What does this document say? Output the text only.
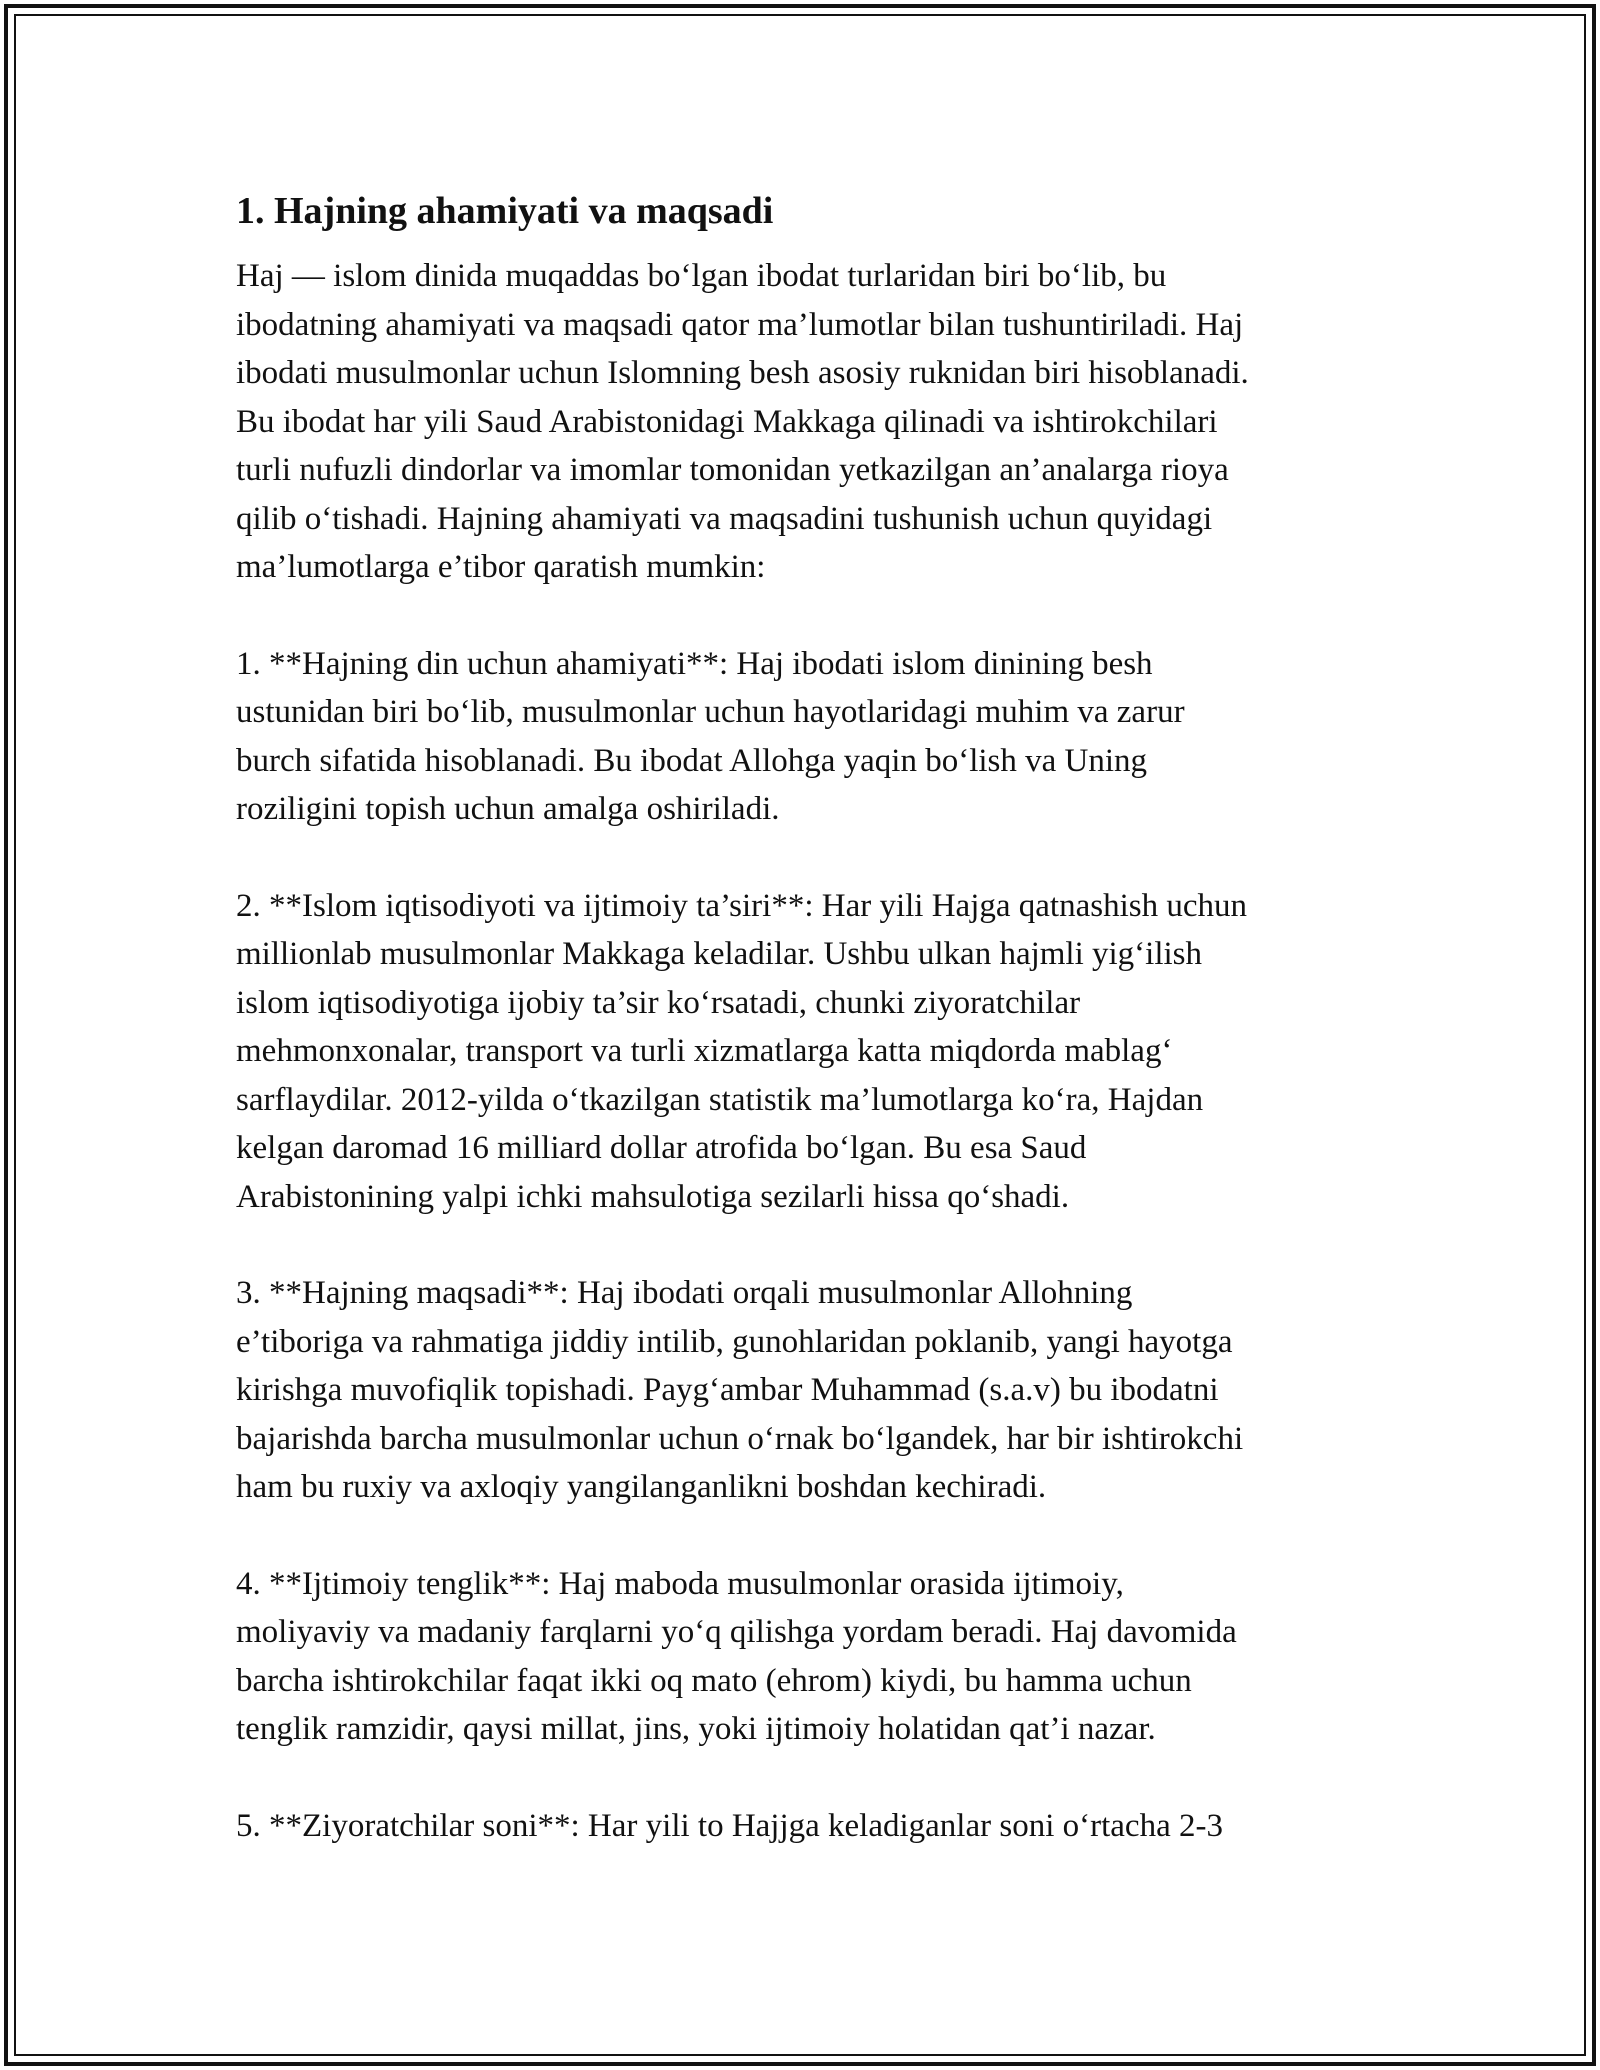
1. Hajning ahamiyati va maqsadi

Haj — islom dinida muqaddas bo‘lgan ibodat turlaridan biri bo‘lib, bu
ibodatning ahamiyati va maqsadi qator ma’lumotlar bilan tushuntiriladi. Haj
ibodati musulmonlar uchun Islomning besh asosiy ruknidan biri hisoblanadi.
Bu ibodat har yili Saud Arabistonidagi Makkaga qilinadi va ishtirokchilari
turli nufuzli dindorlar va imomlar tomonidan yetkazilgan an’analarga rioya
qilib o‘tishadi. Hajning ahamiyati va maqsadini tushunish uchun quyidagi
ma’lumotlarga e’tibor qaratish mumkin:

1. **Hajning din uchun ahamiyati**: Haj ibodati islom dinining besh
ustunidan biri bo‘lib, musulmonlar uchun hayotlaridagi muhim va zarur
burch sifatida hisoblanadi. Bu ibodat Allohga yaqin bo‘lish va Uning
roziligini topish uchun amalga oshiriladi.

2. **Islom iqtisodiyoti va ijtimoiy ta’siri**: Har yili Hajga qatnashish uchun
millionlab musulmonlar Makkaga keladilar. Ushbu ulkan hajmli yig‘ilish
islom iqtisodiyotiga ijobiy ta’sir ko‘rsatadi, chunki ziyoratchilar
mehmonxonalar, transport va turli xizmatlarga katta miqdorda mablag‘
sarflaydilar. 2012-yilda o‘tkazilgan statistik ma’lumotlarga ko‘ra, Hajdan
kelgan daromad 16 milliard dollar atrofida bo‘lgan. Bu esa Saud
Arabistonining yalpi ichki mahsulotiga sezilarli hissa qo‘shadi.

3. **Hajning maqsadi**: Haj ibodati orqali musulmonlar Allohning
e’tiboriga va rahmatiga jiddiy intilib, gunohlaridan poklanib, yangi hayotga
kirishga muvofiqlik topishadi. Payg‘ambar Muhammad (s.a.v) bu ibodatni
bajarishda barcha musulmonlar uchun o‘rnak bo‘lgandek, har bir ishtirokchi
ham bu ruxiy va axloqiy yangilanganlikni boshdan kechiradi.

4. **Ijtimoiy tenglik**: Haj maboda musulmonlar orasida ijtimoiy,
moliyaviy va madaniy farqlarni yo‘q qilishga yordam beradi. Haj davomida
barcha ishtirokchilar faqat ikki oq mato (ehrom) kiydi, bu hamma uchun
tenglik ramzidir, qaysi millat, jins, yoki ijtimoiy holatidan qat’i nazar.

5. **Ziyoratchilar soni**: Har yili to Hajjga keladiganlar soni o‘rtacha 2-3
